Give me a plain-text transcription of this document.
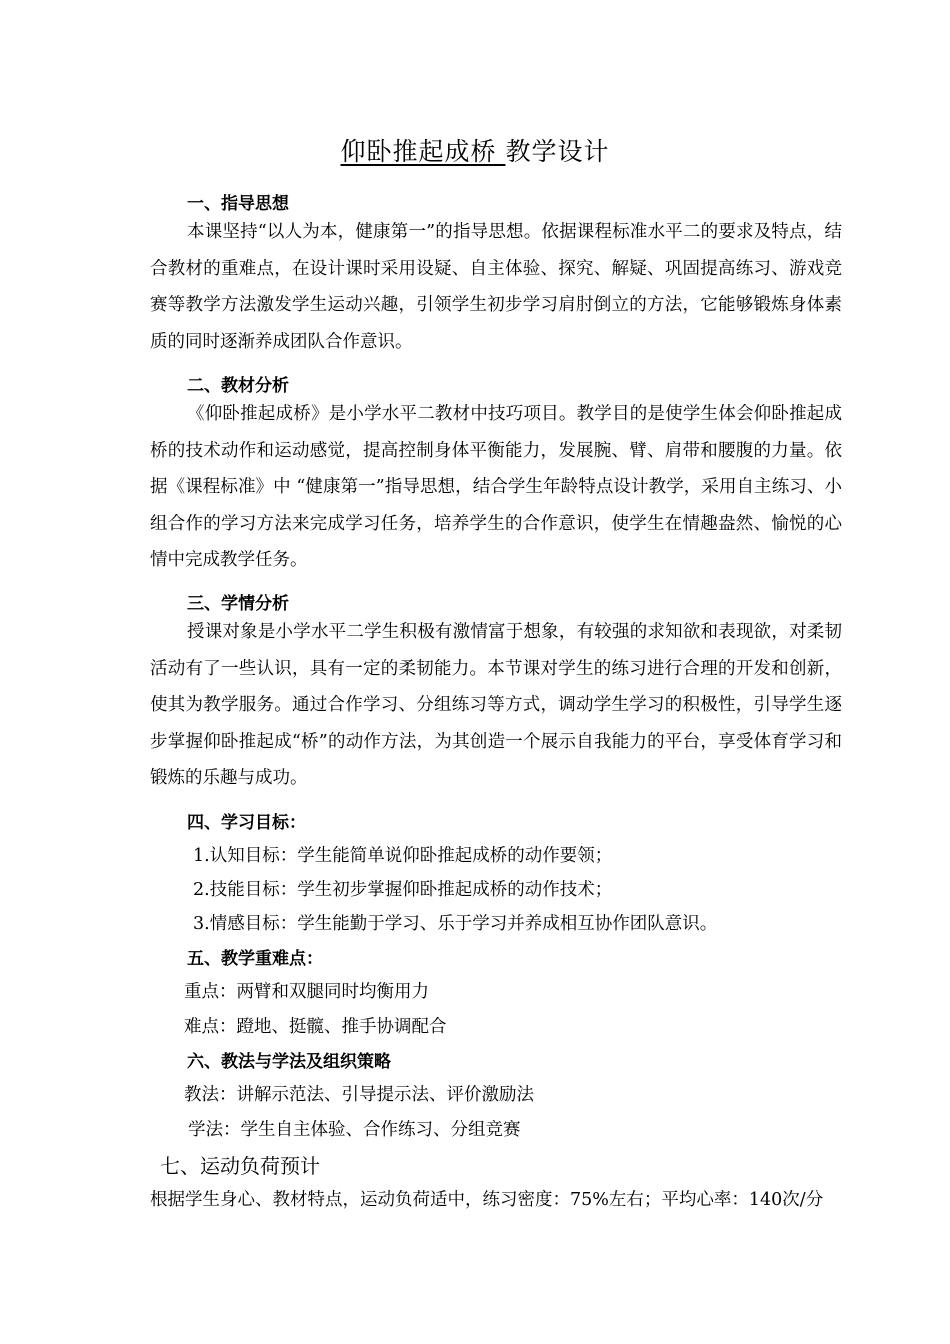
仰卧推起成桥 教学设计
一、指导思想

本课坚持“以人为本，健康第一”的指导思想。依据课程标准水平二的要求及特点，结合教材的重难点，在设计课时采用设疑、自主体验、探究、解疑、巩固提高练习、游戏竞赛等教学方法激发学生运动兴趣，引领学生初步学习肩肘倒立的方法，它能够锻炼身体素质的同时逐渐养成团队合作意识。

二、教材分析

《仰卧推起成桥》是小学水平二教材中技巧项目。教学目的是使学生体会仰卧推起成桥的技术动作和运动感觉，提高控制身体平衡能力，发展腕、臂、肩带和腰腹的力量。依据《课程标准》中 “健康第一”指导思想，结合学生年龄特点设计教学，采用自主练习、小组合作的学习方法来完成学习任务，培养学生的合作意识，使学生在情趣盎然、愉悦的心情中完成教学任务。

三、学情分析

授课对象是小学水平二学生积极有激情富于想象，有较强的求知欲和表现欲，对柔韧活动有了一些认识，具有一定的柔韧能力。本节课对学生的练习进行合理的开发和创新，使其为教学服务。通过合作学习、分组练习等方式，调动学生学习的积极性，引导学生逐步掌握仰卧推起成“桥”的动作方法，为其创造一个展示自我能力的平台，享受体育学习和锻炼的乐趣与成功。

四、学习目标：
1.认知目标：学生能简单说仰卧推起成桥的动作要领；
2.技能目标：学生初步掌握仰卧推起成桥的动作技术；
3.情感目标：学生能勤于学习、乐于学习并养成相互协作团队意识。
五、教学重难点：
重点：两臂和双腿同时均衡用力
难点：蹬地、挺髋、推手协调配合
六、教法与学法及组织策略
教法：讲解示范法、引导提示法、评价激励法
学法：学生自主体验、合作练习、分组竞赛
七、运动负荷预计
根据学生身心、教材特点，运动负荷适中，练习密度：75%左右；平均心率：140次/分
